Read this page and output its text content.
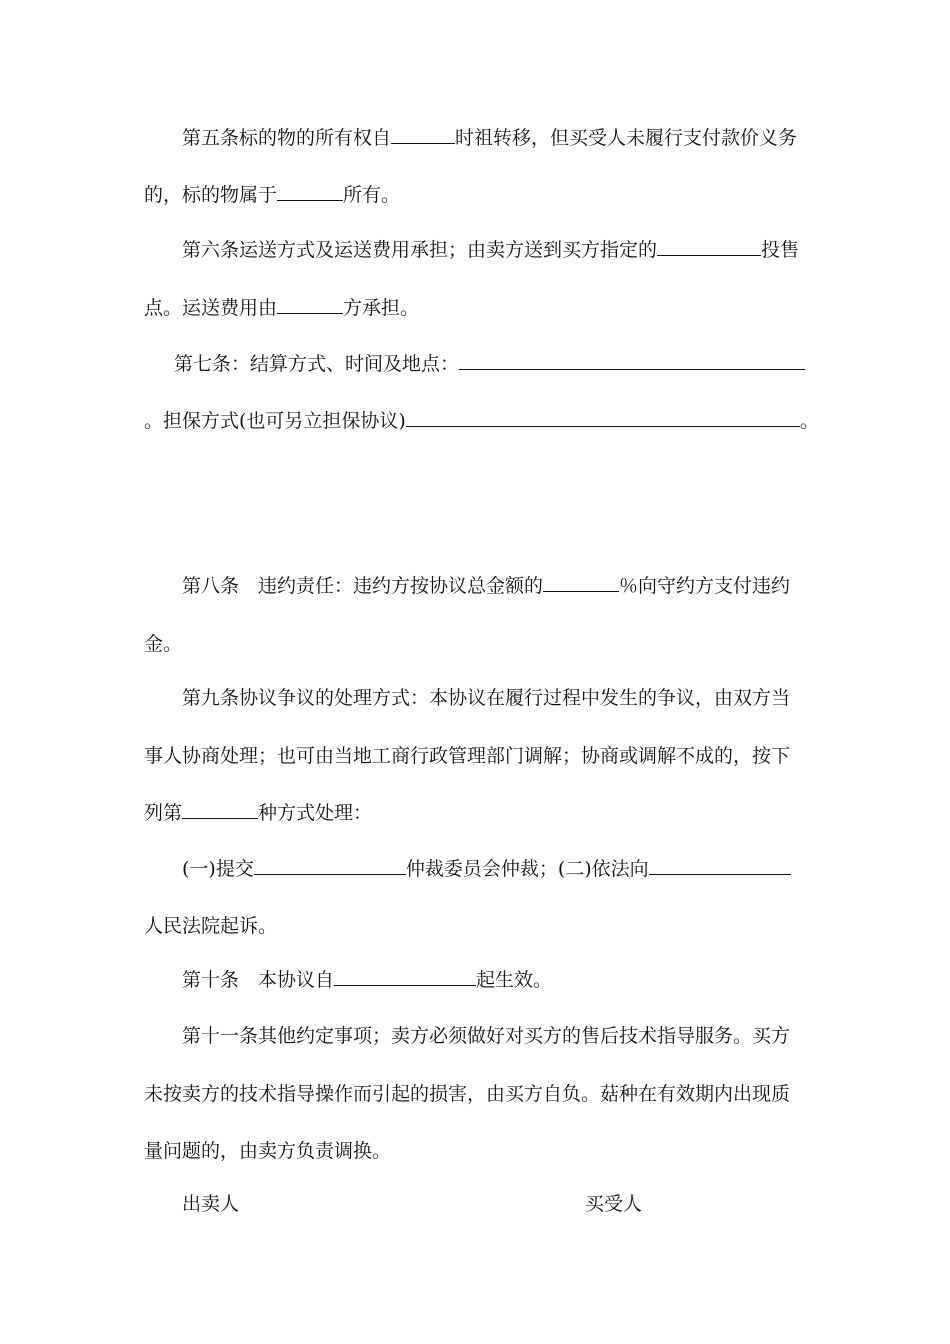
第五条标的物的所有权自	时祖转移，但买受人未履行支付款价义务
的，标的物属于	所有。
第六条运送方式及运送费用承担；由卖方送到买方指定的	投售
点。运送费用由	方承担。
第七条：结算方式、时间及地点：
。担保方式(也可另立担保协议)	。
第八条　违约责任：违约方按协议总金额的	％向守约方支付违约
金。
第九条协议争议的处理方式：本协议在履行过程中发生的争议，由双方当
事人协商处理；也可由当地工商行政管理部门调解；协商或调解不成的，按下
列第	种方式处理：
(一)提交	仲裁委员会仲裁；(二)依法向
人民法院起诉。
第十条　本协议自	起生效。
第十一条其他约定事项；卖方必须做好对买方的售后技术指导服务。买方
未按卖方的技术指导操作而引起的损害，由买方自负。菇种在有效期内出现质
量问题的，由卖方负责调换。
出卖人	买受人
